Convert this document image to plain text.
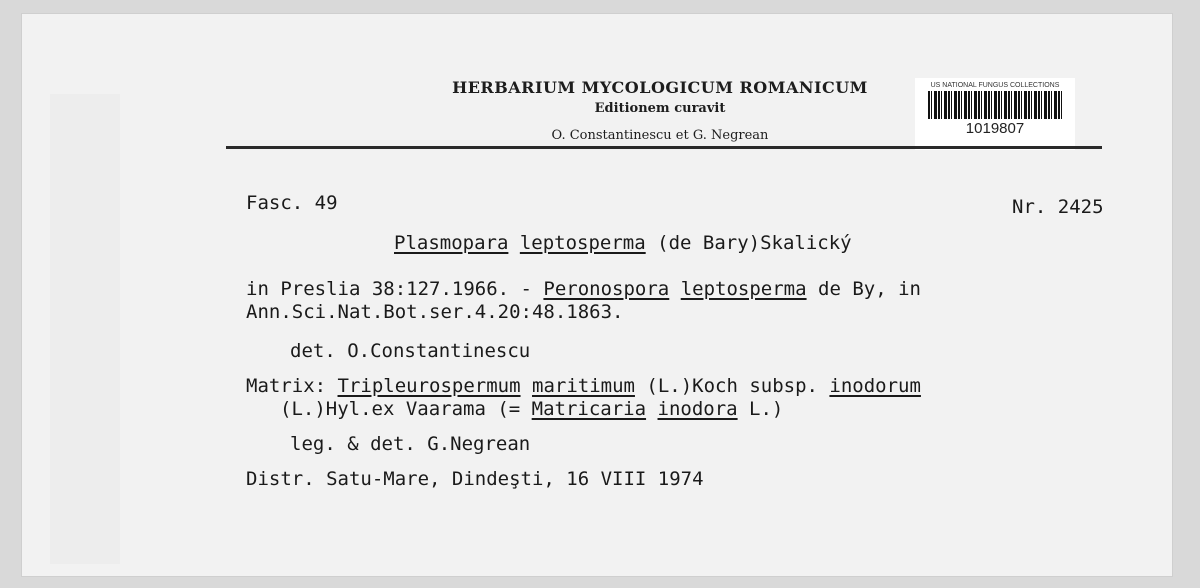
HERBARIUM MYCOLOGICUM ROMANICUM
Editionem curavit
O. Constantinescu et G. Negrean
US NATIONAL FUNGUS COLLECTIONS
1019807
Fasc. 49	Nr. 2425
Plasmopara leptosperma (de Bary)Skalický
in Preslia 38:127.1966. - Peronospora leptosperma de By, in
Ann.Sci.Nat.Bot.ser.4.20:48.1863.
det. O.Constantinescu
Matrix: Tripleurospermum maritimum (L.)Koch subsp. inodorum
(L.)Hyl.ex Vaarama (= Matricaria inodora L.)
leg. & det. G.Negrean
Distr. Satu-Mare, Dindeşti, 16 VIII 1974
